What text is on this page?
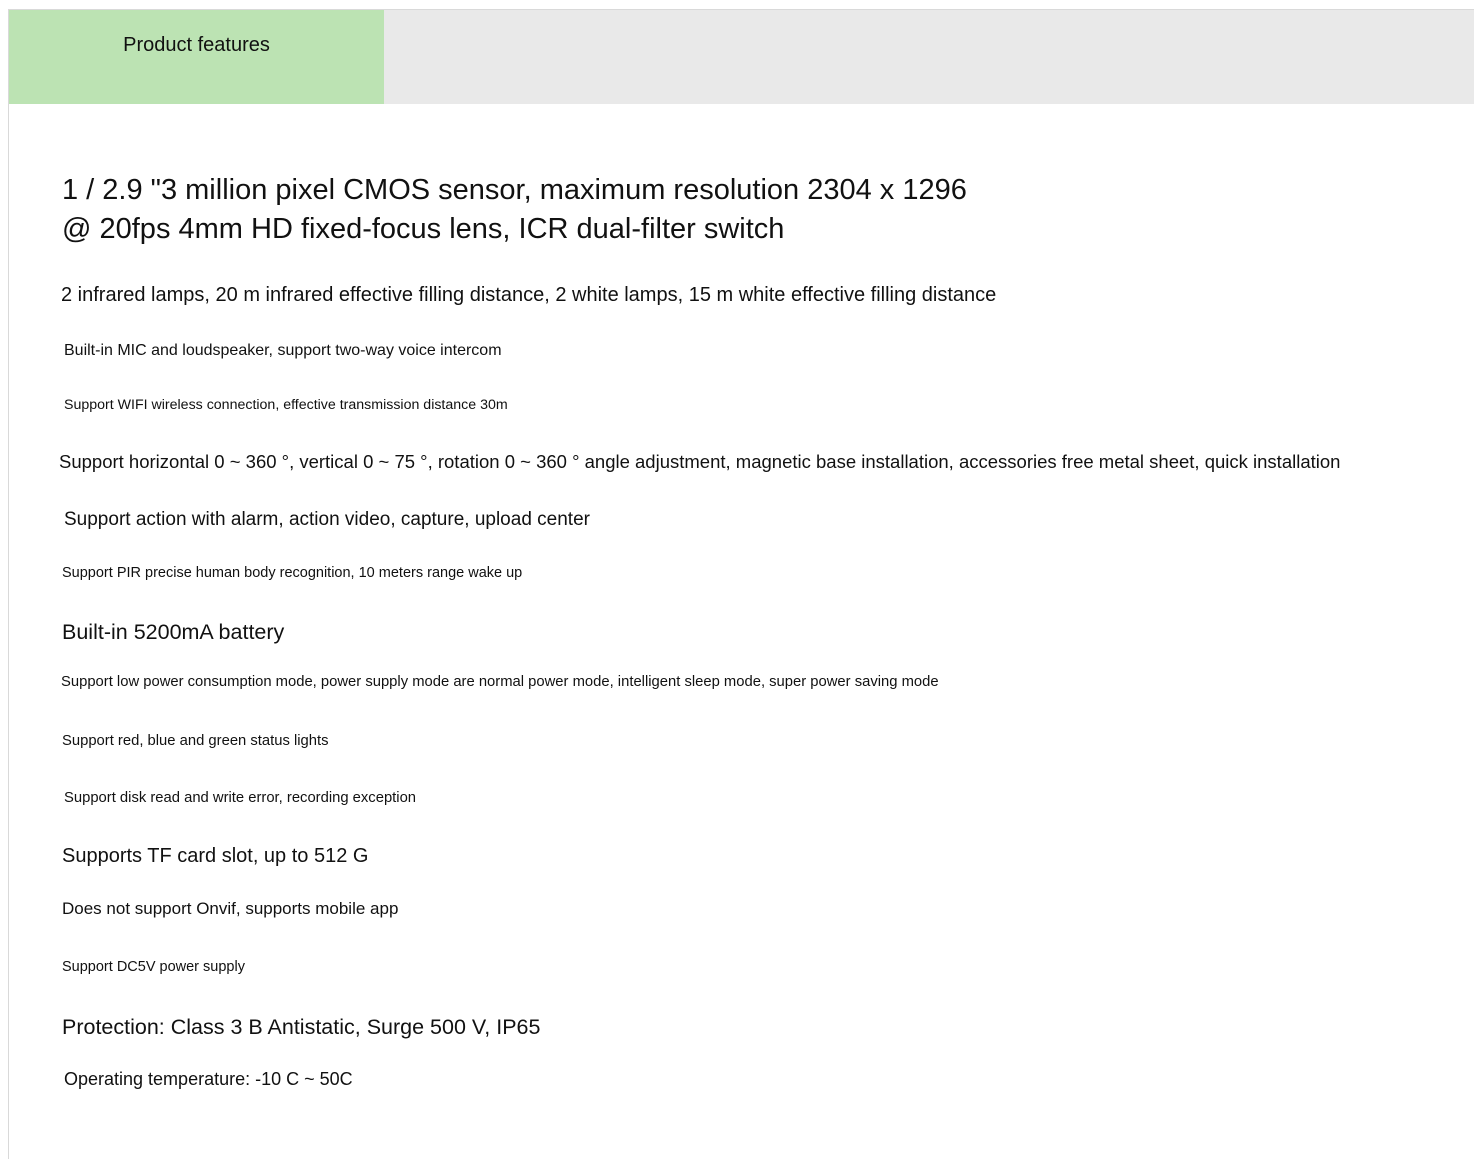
Product features
1 / 2.9 "3 million pixel CMOS sensor, maximum resolution 2304 x 1296
@ 20fps 4mm HD fixed-focus lens, ICR dual-filter switch
2 infrared lamps, 20 m infrared effective filling distance, 2 white lamps, 15 m white effective filling distance
Built-in MIC and loudspeaker, support two-way voice intercom
Support WIFI wireless connection, effective transmission distance 30m
Support horizontal 0 ~ 360 °, vertical 0 ~ 75 °, rotation 0 ~ 360 ° angle adjustment, magnetic base installation, accessories free metal sheet, quick installation
Support action with alarm, action video, capture, upload center
Support PIR precise human body recognition, 10 meters range wake up
Built-in 5200mA battery
Support low power consumption mode, power supply mode are normal power mode, intelligent sleep mode, super power saving mode
Support red, blue and green status lights
Support disk read and write error, recording exception
Supports TF card slot, up to 512 G
Does not support Onvif, supports mobile app
Support DC5V power supply
Protection: Class 3 B Antistatic, Surge 500 V, IP65
Operating temperature: -10 C ~ 50C
